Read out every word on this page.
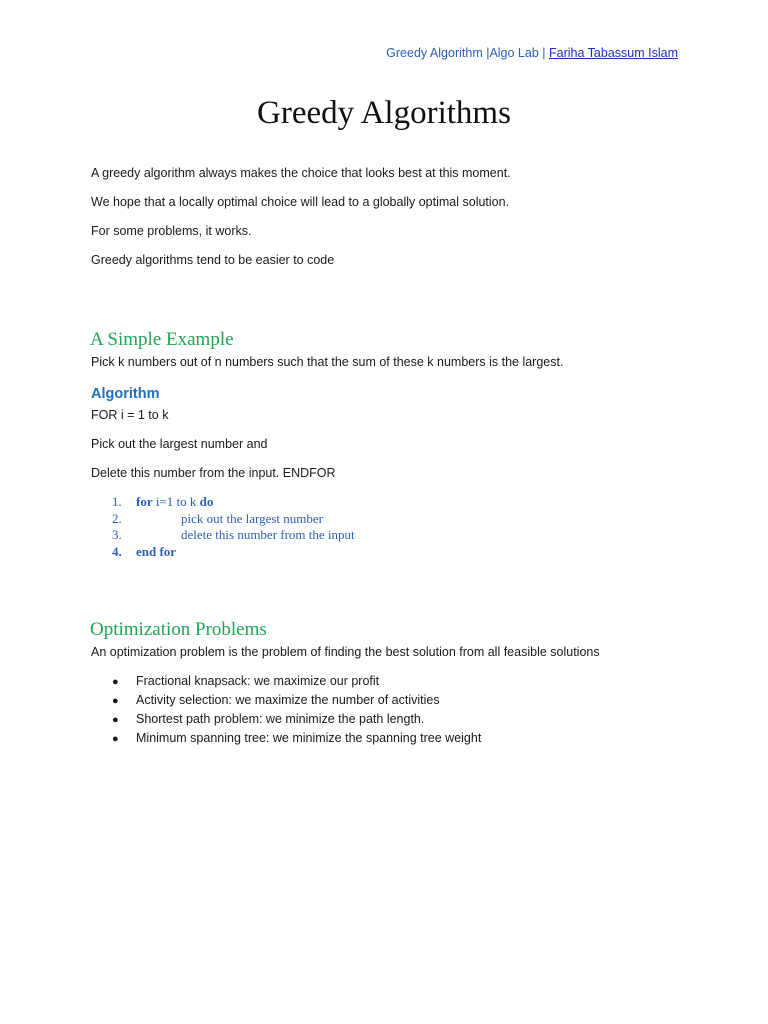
Greedy Algorithm |Algo Lab | Fariha Tabassum Islam
Greedy Algorithms
A greedy algorithm always makes the choice that looks best at this moment.
We hope that a locally optimal choice will lead to a globally optimal solution.
For some problems, it works.
Greedy algorithms tend to be easier to code
A Simple Example
Pick k numbers out of n numbers such that the sum of these k numbers is the largest.
Algorithm
FOR i = 1 to k
Pick out the largest number and
Delete this number from the input. ENDFOR
1. for i=1 to k do
2.	pick out the largest number
3.	delete this number from the input
4. end for
Optimization Problems
An optimization problem is the problem of finding the best solution from all feasible solutions
● Fractional knapsack: we maximize our profit
● Activity selection: we maximize the number of activities
● Shortest path problem: we minimize the path length.
● Minimum spanning tree: we minimize the spanning tree weight
